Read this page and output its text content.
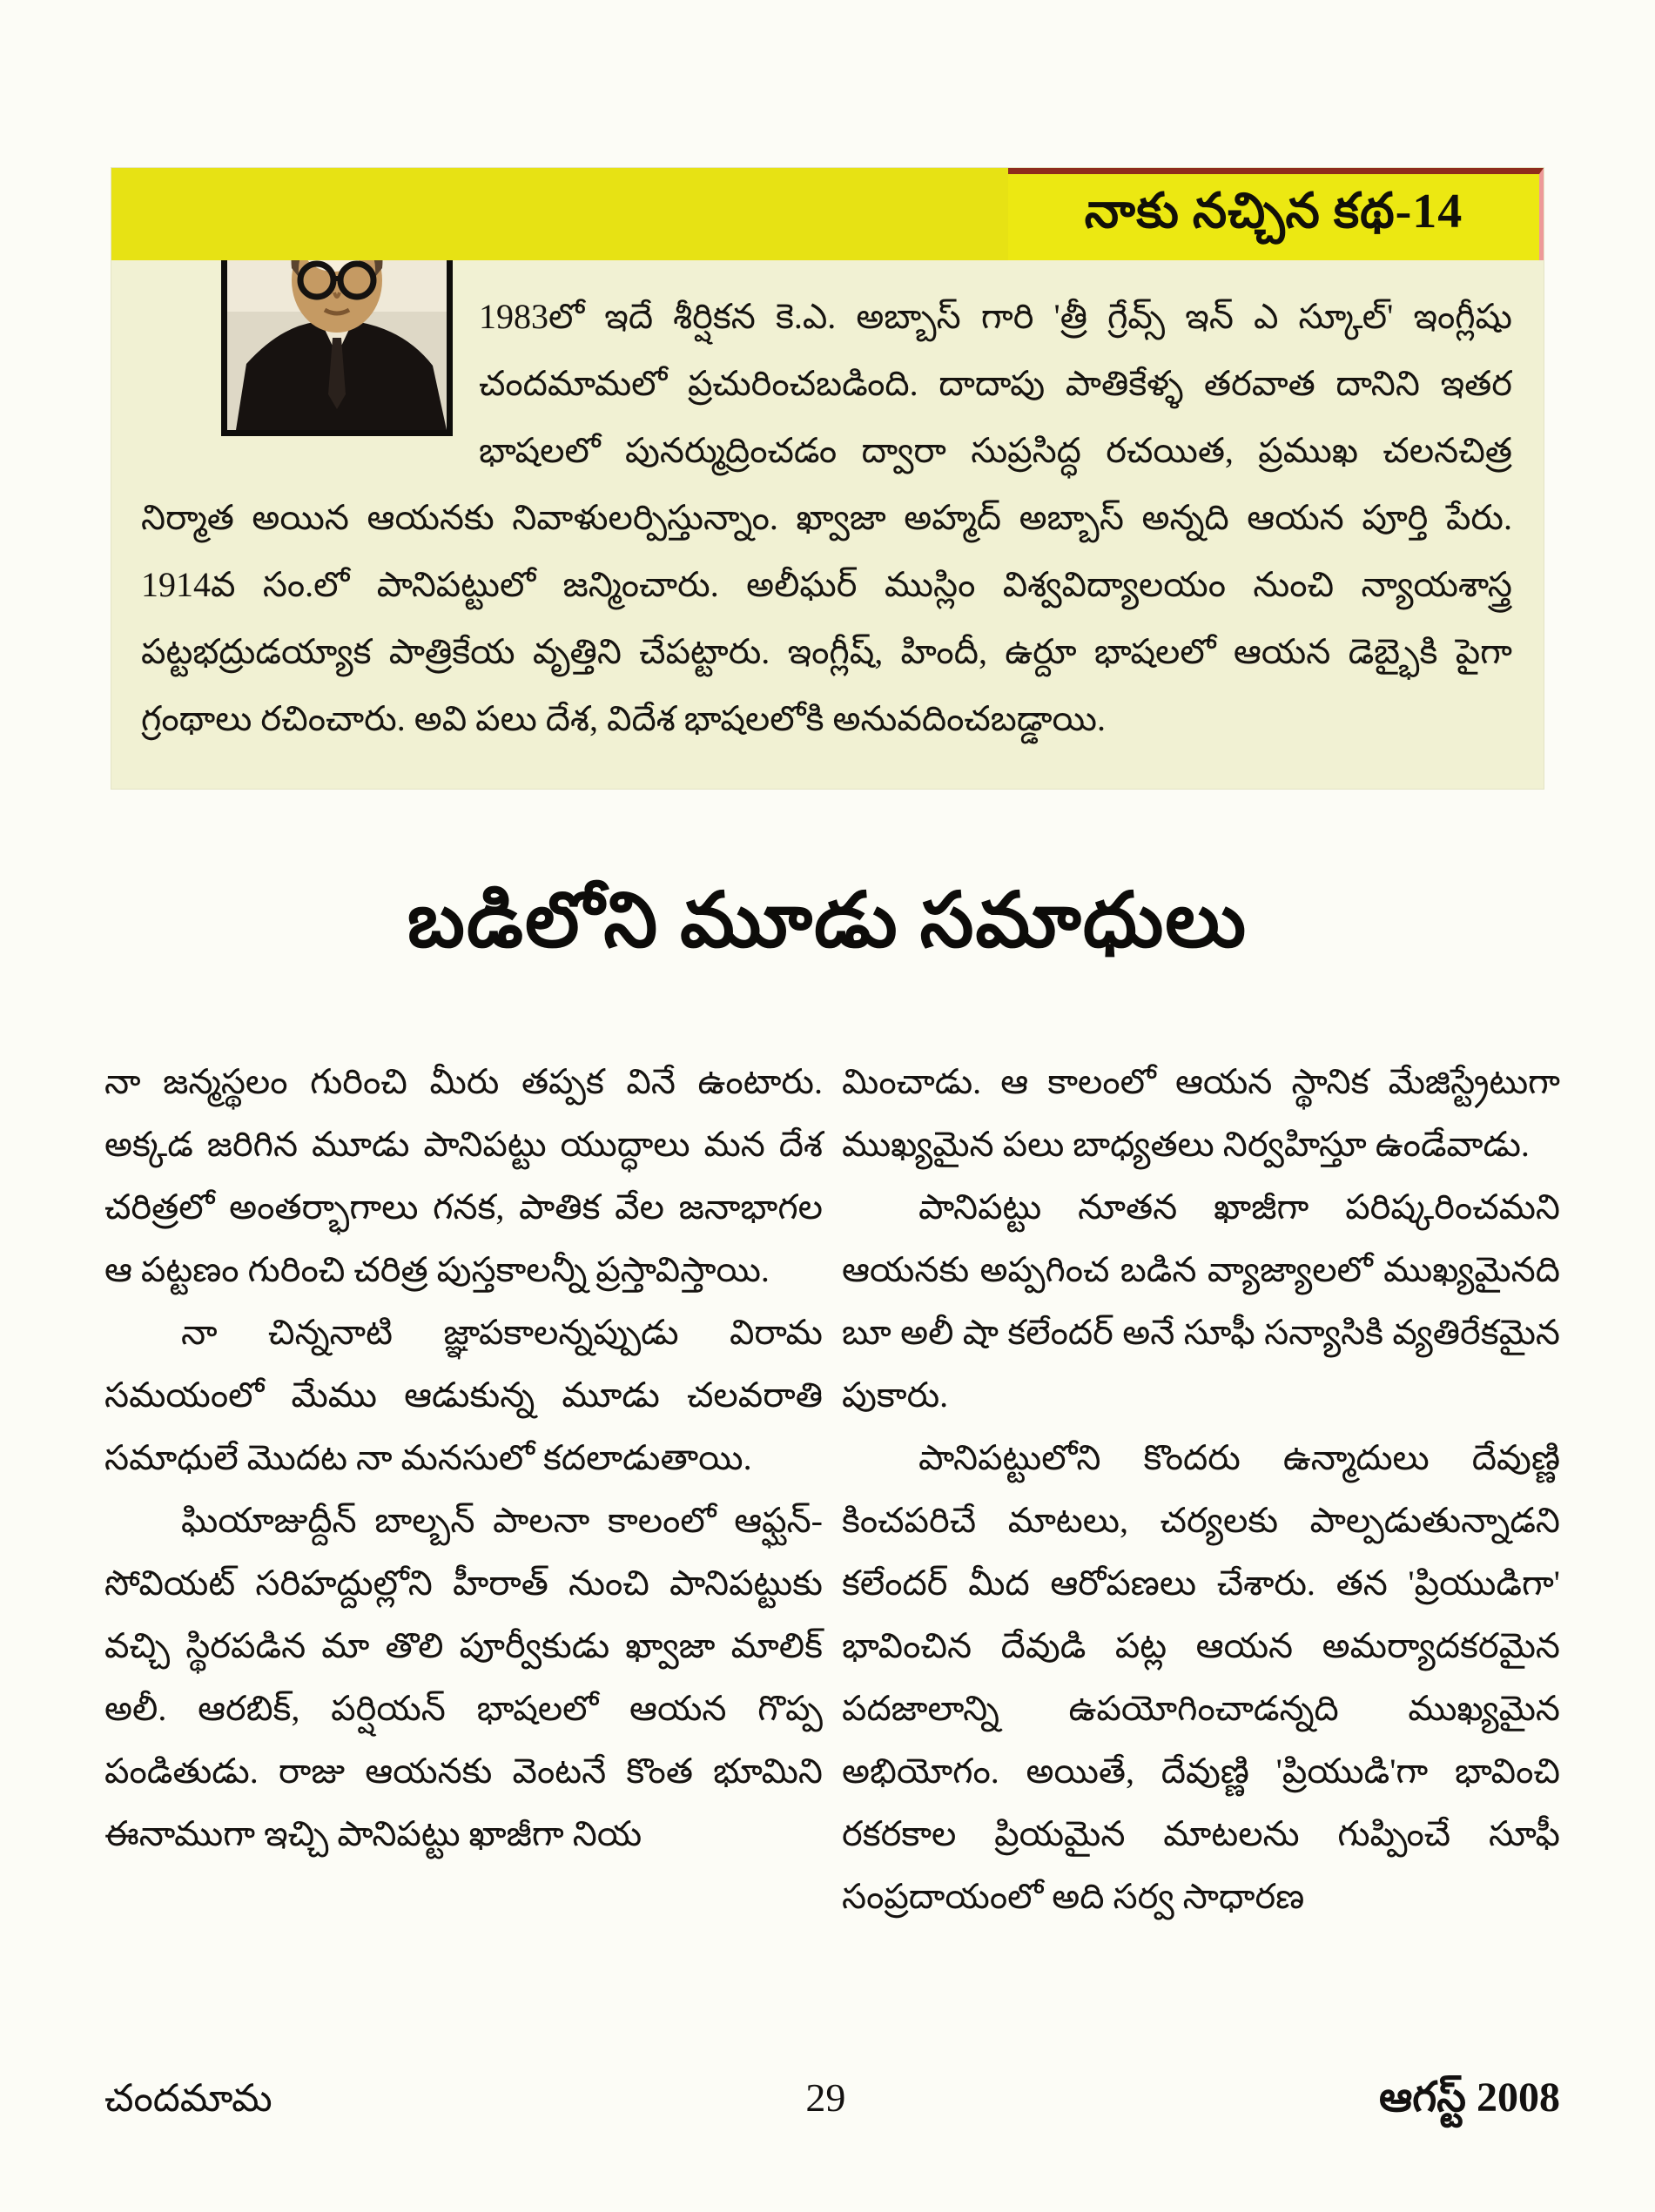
నాకు నచ్చిన కథ-14
1983లో ఇదే శీర్షికన కె.ఎ. అబ్బాస్ గారి 'త్రీ గ్రేవ్స్ ఇన్ ఎ స్కూల్' ఇంగ్లీషు చందమామలో ప్రచురించబడింది. దాదాపు పాతికేళ్ళ తరవాత దానిని ఇతర భాషలలో పునర్ముద్రించడం ద్వారా సుప్రసిద్ధ రచయిత, ప్రముఖ చలనచిత్ర నిర్మాత అయిన ఆయనకు నివాళులర్పిస్తున్నాం. ఖ్వాజా అహ్మద్ అబ్బాస్ అన్నది ఆయన పూర్తి పేరు. 1914వ సం.లో పానిపట్టులో జన్మించారు. అలీఘర్ ముస్లిం విశ్వవిద్యాలయం నుంచి న్యాయశాస్త్ర పట్టభద్రుడయ్యాక పాత్రికేయ వృత్తిని చేపట్టారు. ఇంగ్లీష్, హిందీ, ఉర్దూ భాషలలో ఆయన డెబ్భైకి పైగా గ్రంథాలు రచించారు. అవి పలు దేశ, విదేశ భాషలలోకి అనువదించబడ్డాయి.
బడిలోని మూడు సమాధులు

నా జన్మస్థలం గురించి మీరు తప్పక వినే ఉంటారు. అక్కడ జరిగిన మూడు పానిపట్టు యుద్ధాలు మన దేశ చరిత్రలో అంతర్భాగాలు గనక, పాతిక వేల జనాభాగల ఆ పట్టణం గురించి చరిత్ర పుస్తకాలన్నీ ప్రస్తావిస్తాయి.

నా చిన్ననాటి జ్ఞాపకాలన్నప్పుడు విరామ సమయంలో మేము ఆడుకున్న మూడు చలవరాతి సమాధులే మొదట నా మనసులో కదలాడుతాయి.

ఘియాజుద్దీన్ బాల్బన్ పాలనా కాలంలో ఆఫ్ఘన్-సోవియట్ సరిహద్దుల్లోని హీరాత్ నుంచి పానిపట్టుకు వచ్చి స్థిరపడిన మా తొలి పూర్వీకుడు ఖ్వాజా మాలిక్ అలీ. ఆరబిక్, పర్షియన్ భాషలలో ఆయన గొప్ప పండితుడు. రాజు ఆయనకు వెంటనే కొంత భూమిని ఈనాముగా ఇచ్చి పానిపట్టు ఖాజీగా నియ

మించాడు. ఆ కాలంలో ఆయన స్థానిక మేజిస్ట్రేటుగా ముఖ్యమైన పలు బాధ్యతలు నిర్వహిస్తూ ఉండేవాడు.

పానిపట్టు నూతన ఖాజీగా పరిష్కరించమని ఆయనకు అప్పగించ బడిన వ్యాజ్యాలలో ముఖ్యమైనది బూ అలీ షా కలేందర్ అనే సూఫీ సన్యాసికి వ్యతిరేకమైన పుకారు.

పానిపట్టులోని కొందరు ఉన్మాదులు దేవుణ్ణి కించపరిచే మాటలు, చర్యలకు పాల్పడుతున్నాడని కలేందర్ మీద ఆరోపణలు చేశారు. తన 'ప్రియుడిగా' భావించిన దేవుడి పట్ల ఆయన అమర్యాదకరమైన పదజాలాన్ని ఉపయోగించాడన్నది ముఖ్యమైన అభియోగం. అయితే, దేవుణ్ణి 'ప్రియుడి'గా భావించి రకరకాల ప్రియమైన మాటలను గుప్పించే సూఫీ సంప్రదాయంలో అది సర్వ సాధారణ

చందమామ	29	ఆగస్ట్ 2008
